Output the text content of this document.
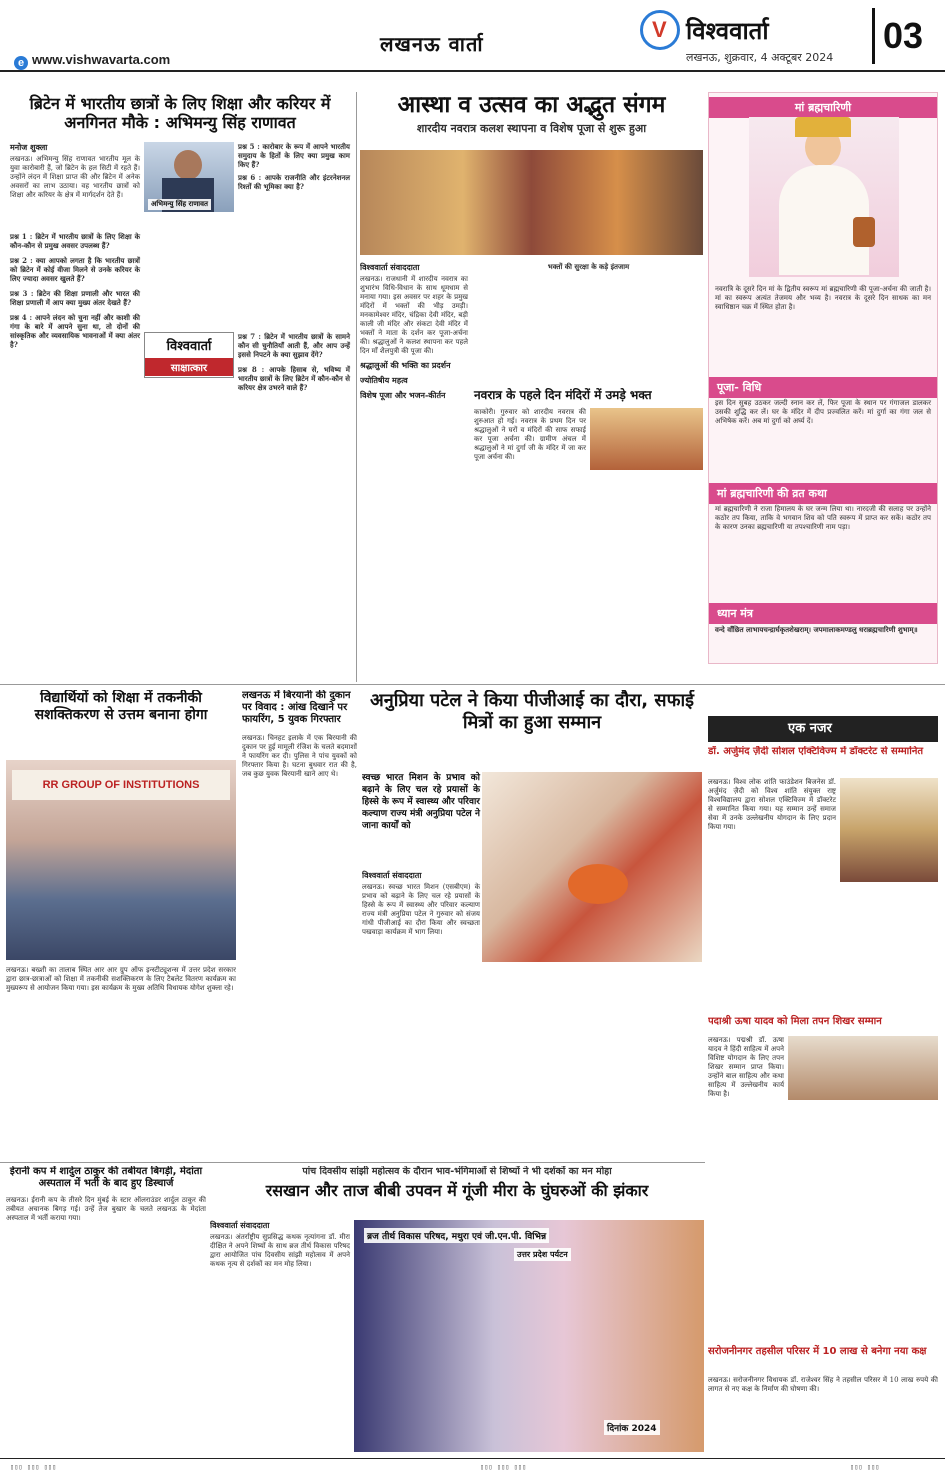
e www.vishwavarta.com
लखनऊ वार्ता
V	विश्ववार्ता
लखनऊ, शुक्रवार, 4 अक्टूबर 2024
03
ब्रिटेन में भारतीय छात्रों के लिए शिक्षा और करियर में अनगिनत मौके : अभिमन्यु सिंह राणावत
मनोज शुक्ला
लखनऊ। अभिमन्यु सिंह राणावत भारतीय मूल के युवा कारोबारी हैं, जो ब्रिटेन के हल सिटी में रहते हैं। उन्होंने लंदन में शिक्षा प्राप्त की और ब्रिटेन में अनेक अवसरों का लाभ उठाया। वह भारतीय छात्रों को शिक्षा और करियर के क्षेत्र में मार्गदर्शन देते हैं।
अभिमन्यु सिंह राणावत
प्रश्न 5 : कारोबार के रूप में आपने भारतीय समुदाय के हितों के लिए क्या प्रमुख काम किए हैं?
प्रश्न 6 : आपके राजनीति और इंटरनेशनल रिश्तों की भूमिका क्या है?
प्रश्न 1 : ब्रिटेन में भारतीय छात्रों के लिए शिक्षा के कौन-कौन से प्रमुख अवसर उपलब्ध हैं?
प्रश्न 2 : क्या आपको लगता है कि भारतीय छात्रों को ब्रिटेन में कोई वीजा मिलने से उनके करियर के लिए ज्यादा अवसर खुलते हैं?
प्रश्न 3 : ब्रिटेन की शिक्षा प्रणाली और भारत की शिक्षा प्रणाली में आप क्या मुख्य अंतर देखते हैं?
प्रश्न 4 : आपने लंदन को चुना नहीं और काशी की गंगा के बारे में आपने सुना था, तो दोनों की सांस्कृतिक और व्यवसायिक भावनाओं में क्या अंतर है?	विश्ववार्ता
साक्षात्कार
प्रश्न 7 : ब्रिटेन में भारतीय छात्रों के सामने कौन सी चुनौतियाँ आती हैं, और आप उन्हें इससे निपटने के क्या सुझाव देंगे?
प्रश्न 8 : आपके हिसाब से, भविष्य में भारतीय छात्रों के लिए ब्रिटेन में कौन-कौन से करियर क्षेत्र उभरने वाले हैं?
आस्था व उत्सव का अद्भुत संगम
शारदीय नवरात्र कलश स्थापना व विशेष पूजा से शुरू हुआ
विश्ववार्ता संवाददाता
लखनऊ। राजधानी में शारदीय नवरात्र का शुभारंभ विधि-विधान के साथ धूमधाम से मनाया गया। इस अवसर पर शहर के प्रमुख मंदिरों में भक्तों की भीड़ उमड़ी। मनकामेश्वर मंदिर, चंद्रिका देवी मंदिर, बड़ी काली जी मंदिर और संकटा देवी मंदिर में भक्तों ने माता के दर्शन कर पूजा-अर्चना की। श्रद्धालुओं ने कलश स्थापना कर पहले दिन माँ शैलपुत्री की पूजा की।
श्रद्धालुओं की भक्ति का प्रदर्शन
ज्योतिषीय महत्व
विशेष पूजा और भजन-कीर्तन
भक्तों की सुरक्षा के कड़े इंतजाम
नवरात्र के पहले दिन मंदिरों में उमड़े भक्त
काकोरी। गुरुवार को शारदीय नवरात्र की शुरुआत हो गई। नवरात्र के प्रथम दिन पर श्रद्धालुओं ने घरों व मंदिरों की साफ सफाई कर पूजा अर्चना की। ग्रामीण अंचल में श्रद्धालुओं ने मां दुर्गा जी के मंदिर में जा कर पूजा अर्चना की।
मां ब्रह्मचारिणी
नवरात्रि के दूसरे दिन मां के द्वितीय स्वरूप मां ब्रह्मचारिणी की पूजा-अर्चना की जाती है। मां का स्वरूप अत्यंत तेजमय और भव्य है। नवरात्र के दूसरे दिन साधक का मन स्वाधिष्ठान चक्र में स्थित होता है।
पूजा- विधि
इस दिन सुबह उठकर जल्दी स्नान कर लें, फिर पूजा के स्थान पर गंगाजल डालकर उसकी शुद्धि कर लें। घर के मंदिर में दीप प्रज्वलित करें। मां दुर्गा का गंगा जल से अभिषेक करें। अब मां दुर्गा को अर्घ्य दें।
मां ब्रह्मचारिणी की व्रत कथा
मां ब्रह्मचारिणी ने राजा हिमालय के घर जन्म लिया था। नारदजी की सलाह पर उन्होंने कठोर तप किया, ताकि वे भगवान शिव को पति स्वरूप में प्राप्त कर सकें। कठोर तप के कारण उनका ब्रह्मचारिणी या तपश्चारिणी नाम पड़ा।
ध्यान मंत्र
वन्दे वाँछित लाभायचन्द्रार्घकृतशेखराम्। जपमालाकमण्डलु धराब्रह्मचारिणी शुभाम्॥
विद्यार्थियों को शिक्षा में तकनीकी सशक्तिकरण से उत्तम बनाना होगा
RR GROUP OF INSTITUTIONS
लखनऊ। बख्शी का तालाब स्थित आर आर ग्रुप ऑफ इन्स्टीट्यूशन्स में उत्तर प्रदेश सरकार द्वारा छात्र-छात्राओं को शिक्षा में तकनीकी सशक्तिकरण के लिए टैबलेट वितरण कार्यक्रम का मुख्यरूप से आयोजन किया गया। इस कार्यक्रम के मुख्य अतिथि विधायक योगेश शुक्ला रहे।
लखनऊ में बिरयानी की दुकान पर विवाद : आंख दिखाने पर फायरिंग, 5 युवक गिरफ्तार
लखनऊ। चिनहट इलाके में एक बिरयानी की दुकान पर हुई मामूली रंजिश के चलते बदमाशों ने फायरिंग कर दी। पुलिस ने पांच युवकों को गिरफ्तार किया है। घटना बुधवार रात की है, जब कुछ युवक बिरयानी खाने आए थे।
अनुप्रिया पटेल ने किया पीजीआई का दौरा, सफाई मित्रों का हुआ सम्मान
स्वच्छ भारत मिशन के प्रभाव को बढ़ाने के लिए चल रहे प्रयासों के हिस्से के रूप में स्वास्थ्य और परिवार कल्याण राज्य मंत्री अनुप्रिया पटेल ने जाना कार्यों को
विश्ववार्ता संवाददाता
लखनऊ। स्वच्छ भारत मिशन (एसबीएम) के प्रभाव को बढ़ाने के लिए चल रहे प्रयासों के हिस्से के रूप में स्वास्थ्य और परिवार कल्याण राज्य मंत्री अनुप्रिया पटेल ने गुरुवार को संजय गांधी पीजीआई का दौरा किया और स्वच्छता पखवाड़ा कार्यक्रम में भाग लिया।
एक नजर
डॉ. अर्जुमंद ज़ैदी सोशल एक्टिविज्म में डॉक्टरेट से सम्मानित
लखनऊ। विश्व लोक शांति फाउंडेशन बिजनेस डॉ. अर्जुमंद ज़ैदी को विश्व शांति संयुक्त राष्ट्र विश्वविद्यालय द्वारा सोशल एक्टिविज्म में डॉक्टरेट से सम्मानित किया गया। यह सम्मान उन्हें समाज सेवा में उनके उल्लेखनीय योगदान के लिए प्रदान किया गया।
पदाश्री ऊषा यादव को मिला तपन शिखर सम्मान
लखनऊ। पद्मश्री डॉ. ऊषा यादव ने हिंदी साहित्य में अपने विशिष्ट योगदान के लिए तपन शिखर सम्मान प्राप्त किया। उन्होंने बाल साहित्य और कथा साहित्य में उल्लेखनीय कार्य किया है।
सरोजनीनगर तहसील परिसर में 10 लाख से बनेगा नया कक्ष
लखनऊ। सरोजनीनगर विधायक डॉ. राजेश्वर सिंह ने तहसील परिसर में 10 लाख रुपये की लागत से नए कक्ष के निर्माण की घोषणा की।
ईरानी कप में शार्दुल ठाकुर की तबीयत बिगड़ी, मेदांता अस्पताल में भर्ती के बाद हुए डिस्चार्ज
लखनऊ। ईरानी कप के तीसरे दिन मुंबई के स्टार ऑलराउंडर शार्दुल ठाकुर की तबीयत अचानक बिगड़ गई। उन्हें तेज बुखार के चलते लखनऊ के मेदांता अस्पताल में भर्ती कराया गया।
पांच दिवसीय सांझी महोत्सव के दौरान भाव-भंगिमाओं से शिष्यों ने भी दर्शकों का मन मोहा
रसखान और ताज बीबी उपवन में गूंजी मीरा के घुंघरुओं की झंकार
विश्ववार्ता संवाददाता
लखनऊ। अंतर्राष्ट्रीय सुप्रसिद्ध कथक नृत्यांगना डॉ. मीरा दीक्षित ने अपने शिष्यों के साथ ब्रज तीर्थ विकास परिषद द्वारा आयोजित पांच दिवसीय सांझी महोत्सव में अपने कथक नृत्य से दर्शकों का मन मोह लिया।
ब्रज तीर्थ विकास परिषद, मथुरा एवं जी.एन.पी. विभिन्न
उत्तर प्रदेश पर्यटन
दिनांक 2024
▯▯▯ ▯▯▯ ▯▯▯	▯▯▯ ▯▯▯ ▯▯▯	▯▯▯ ▯▯▯
